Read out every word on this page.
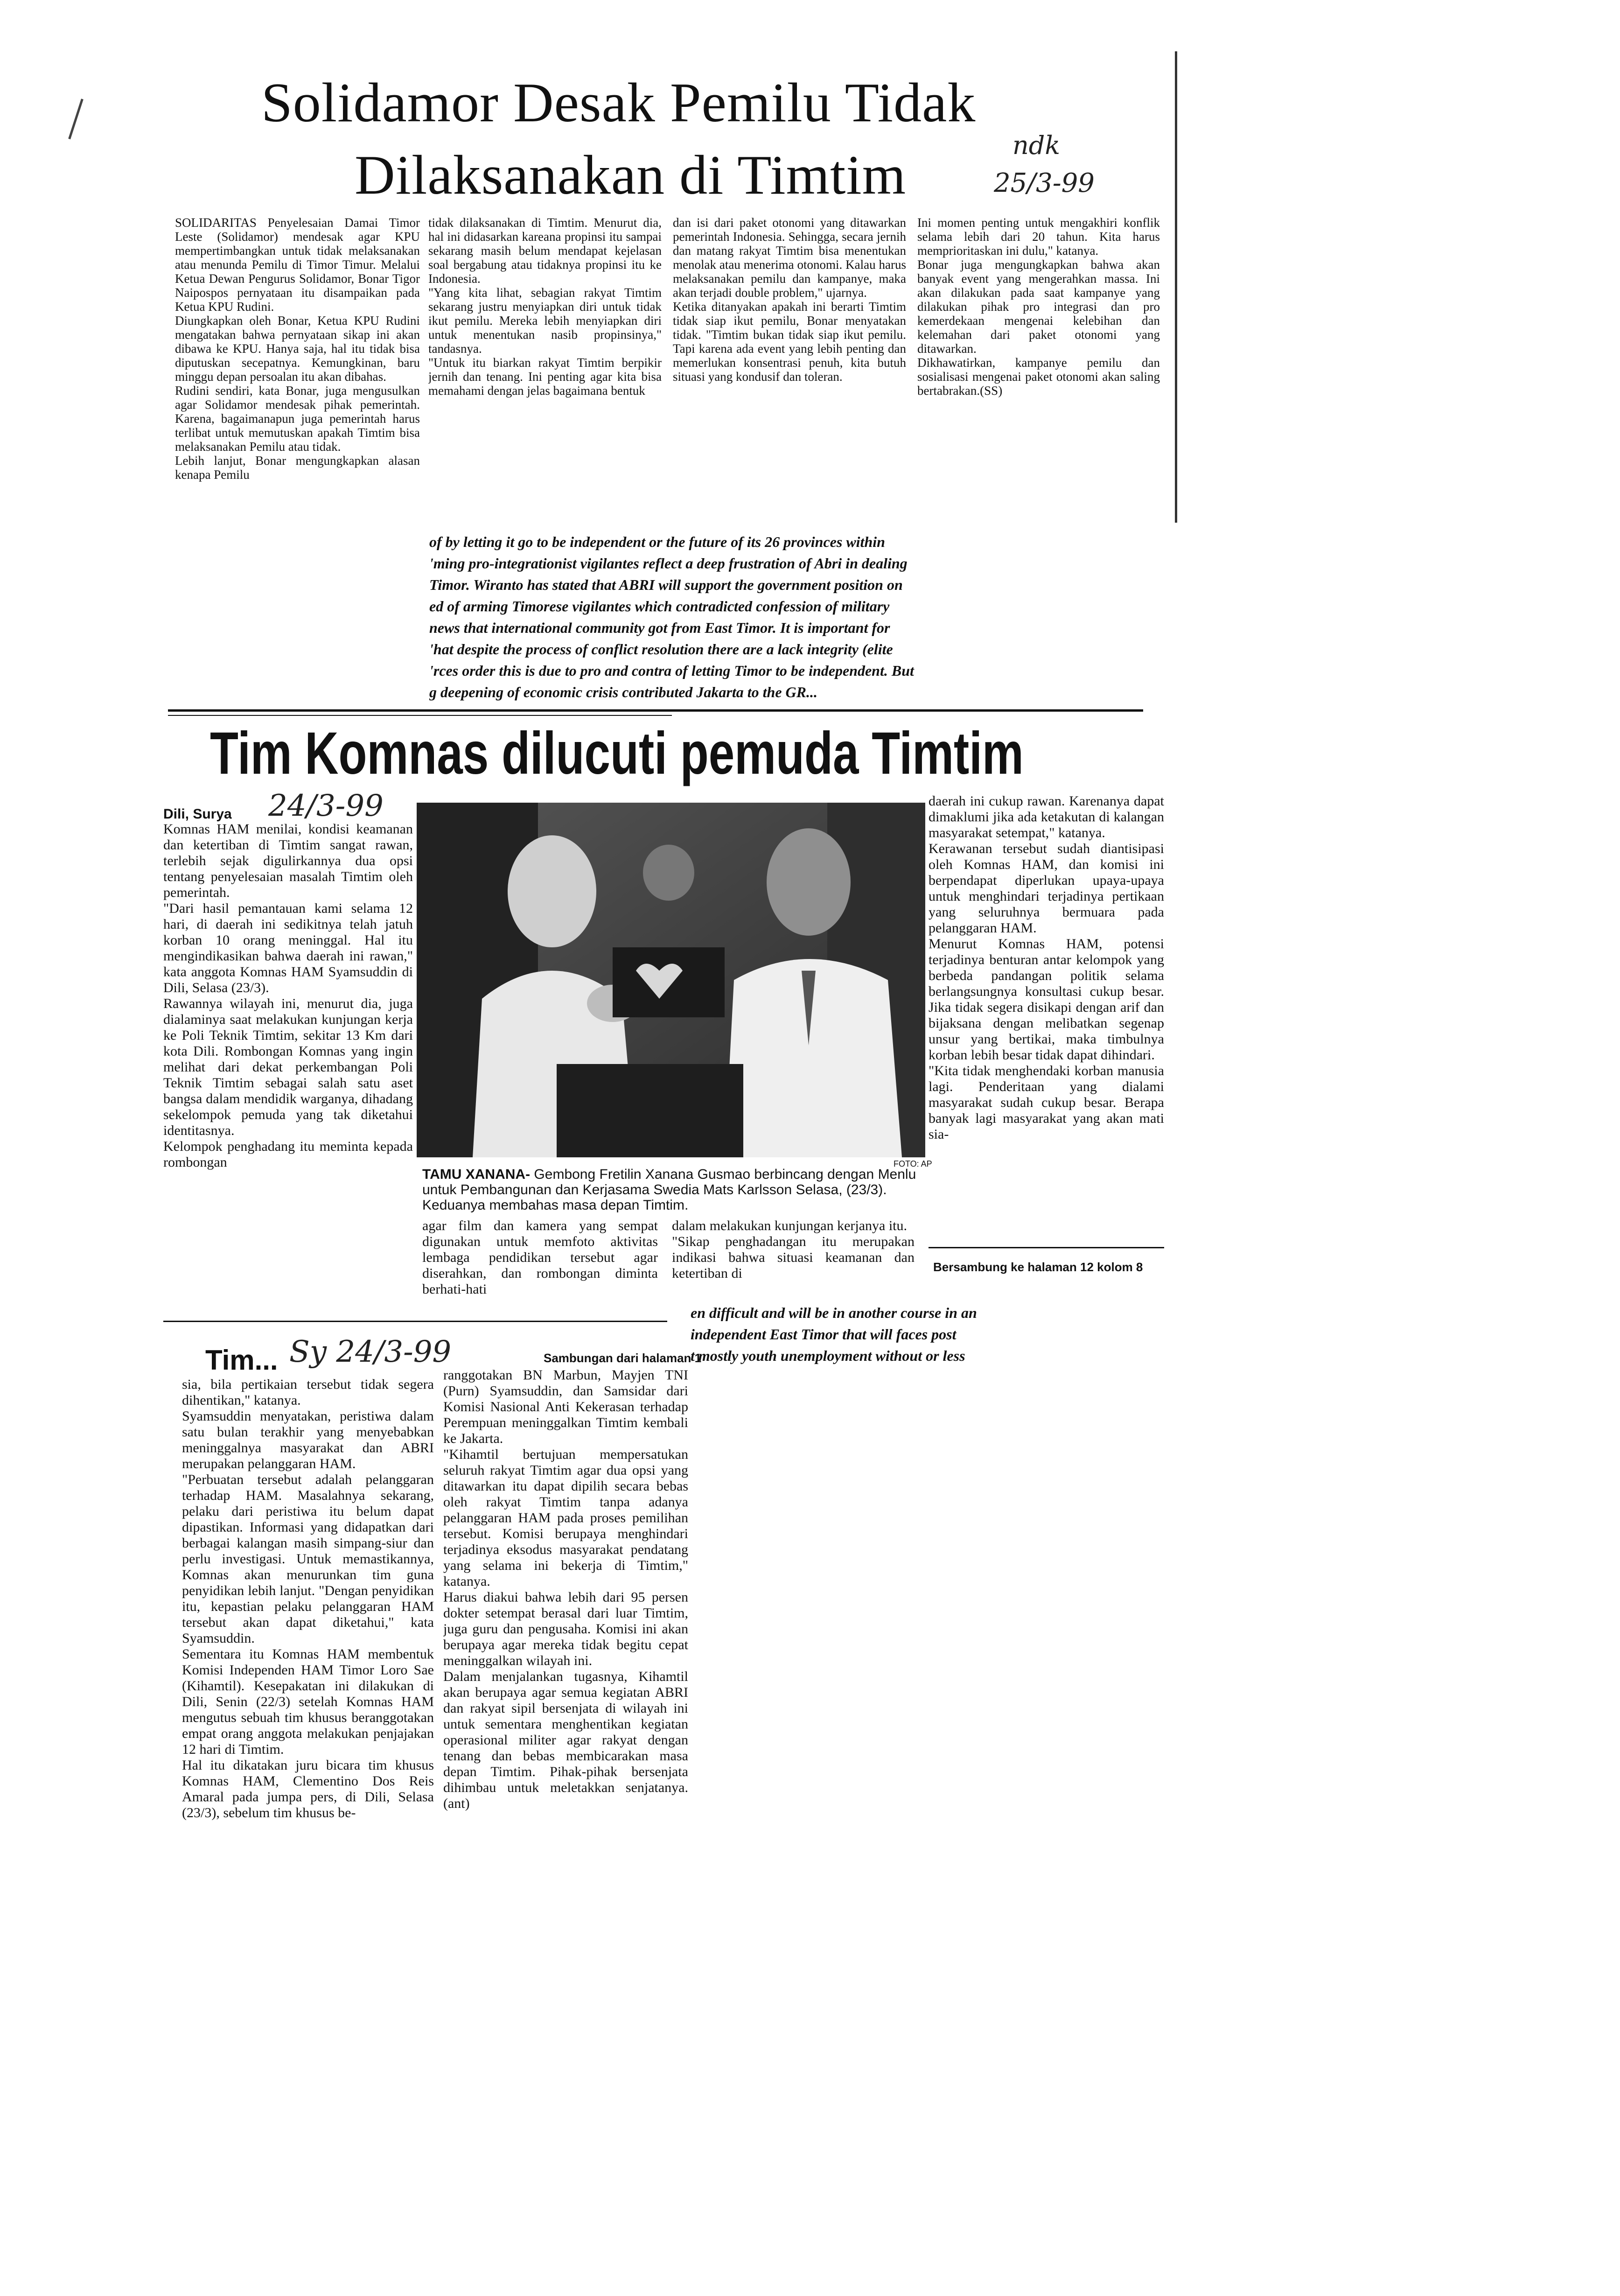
Solidamor Desak Pemilu Tidak
Dilaksanakan di Timtim	ndk
25/3-99
SOLIDARITAS Penyelesaian Damai Timor Leste (Solidamor) mendesak agar KPU mempertimbangkan untuk tidak melaksanakan atau menunda Pemilu di Timor Timur. Melalui Ketua Dewan Pengurus Solidamor, Bonar Tigor Naipospos pernyataan itu disampaikan pada Ketua KPU Rudini.
Diungkapkan oleh Bonar, Ketua KPU Rudini mengatakan bahwa pernyataan sikap ini akan dibawa ke KPU. Hanya saja, hal itu tidak bisa diputuskan secepatnya. Kemungkinan, baru minggu depan persoalan itu akan dibahas.
Rudini sendiri, kata Bonar, juga mengusulkan agar Solidamor mendesak pihak pemerintah. Karena, bagaimanapun juga pemerintah harus terlibat untuk memutuskan apakah Timtim bisa melaksanakan Pemilu atau tidak.
Lebih lanjut, Bonar mengungkapkan alasan kenapa Pemilu
tidak dilaksanakan di Timtim. Menurut dia, hal ini didasarkan kareana propinsi itu sampai sekarang masih belum mendapat kejelasan soal bergabung atau tidaknya propinsi itu ke Indonesia.
"Yang kita lihat, sebagian rakyat Timtim sekarang justru menyiapkan diri untuk tidak ikut pemilu. Mereka lebih menyiapkan diri untuk menentukan nasib propinsinya," tandasnya.
"Untuk itu biarkan rakyat Timtim berpikir jernih dan tenang. Ini penting agar kita bisa memahami dengan jelas bagaimana bentuk
dan isi dari paket otonomi yang ditawarkan pemerintah Indonesia. Sehingga, secara jernih dan matang rakyat Timtim bisa menentukan menolak atau menerima otonomi. Kalau harus melaksanakan pemilu dan kampanye, maka akan terjadi double problem," ujarnya.
Ketika ditanyakan apakah ini berarti Timtim tidak siap ikut pemilu, Bonar menyatakan tidak. "Timtim bukan tidak siap ikut pemilu. Tapi karena ada event yang lebih penting dan memerlukan konsentrasi penuh, kita butuh situasi yang kondusif dan toleran.
Ini momen penting untuk mengakhiri konflik selama lebih dari 20 tahun. Kita harus memprioritaskan ini dulu," katanya.
Bonar juga mengungkapkan bahwa akan banyak event yang mengerahkan massa. Ini akan dilakukan pada saat kampanye yang dilakukan pihak pro integrasi dan pro kemerdekaan mengenai kelebihan dan kelemahan dari paket otonomi yang ditawarkan.
Dikhawatirkan, kampanye pemilu dan sosialisasi mengenai paket otonomi akan saling bertabrakan.(SS)
of by letting it go to be independent or the future of its 26 provinces within
'ming pro-integrationist vigilantes reflect a deep frustration of Abri in dealing
Timor. Wiranto has stated that ABRI will support the government position on
ed of arming Timorese vigilantes which contradicted confession of military
news that international community got from East Timor. It is important for
'hat despite the process of conflict resolution there are a lack integrity (elite
'rces order this is due to pro and contra of letting Timor to be independent. But
g deepening of economic crisis contributed Jakarta to the GR...
Tim Komnas dilucuti pemuda Timtim
Dili, Surya 24/3-99
Komnas HAM menilai, kondisi keamanan dan ketertiban di Timtim sangat rawan, terlebih sejak digulirkannya dua opsi tentang penyelesaian masalah Timtim oleh pemerintah.
"Dari hasil pemantauan kami selama 12 hari, di daerah ini sedikitnya telah jatuh korban 10 orang meninggal. Hal itu mengindikasikan bahwa daerah ini rawan," kata anggota Komnas HAM Syamsuddin di Dili, Selasa (23/3).
Rawannya wilayah ini, menurut dia, juga dialaminya saat melakukan kunjungan kerja ke Poli Teknik Timtim, sekitar 13 Km dari kota Dili. Rombongan Komnas yang ingin melihat dari dekat perkembangan Poli Teknik Timtim sebagai salah satu aset bangsa dalam mendidik warganya, dihadang sekelompok pemuda yang tak diketahui identitasnya.
Kelompok penghadang itu meminta kepada rombongan	FOTO: AP
TAMU XANANA- Gembong Fretilin Xanana Gusmao berbincang dengan Menlu untuk Pembangunan dan Kerjasama Swedia Mats Karlsson Selasa, (23/3). Keduanya membahas masa depan Timtim.
agar film dan kamera yang sempat digunakan untuk memfoto aktivitas lembaga pendidikan tersebut agar diserahkan, dan rombongan diminta berhati-hati
dalam melakukan kunjungan kerjanya itu.
"Sikap penghadangan itu merupakan indikasi bahwa situasi keamanan dan ketertiban di
daerah ini cukup rawan. Karenanya dapat dimaklumi jika ada ketakutan di kalangan masyarakat setempat," katanya.
Kerawanan tersebut sudah diantisipasi oleh Komnas HAM, dan komisi ini berpendapat diperlukan upaya-upaya untuk menghindari terjadinya pertikaan yang seluruhnya bermuara pada pelanggaran HAM.
Menurut Komnas HAM, potensi terjadinya benturan antar kelompok yang berbeda pandangan politik selama berlangsungnya konsultasi cukup besar. Jika tidak segera disikapi dengan arif dan bijaksana dengan melibatkan segenap unsur yang bertikai, maka timbulnya korban lebih besar tidak dapat dihindari.
"Kita tidak menghendaki korban manusia lagi. Penderitaan yang dialami masyarakat sudah cukup besar. Berapa banyak lagi masyarakat yang akan mati sia-
Bersambung ke halaman 12 kolom 8
en difficult and will be in another course in an
independent East Timor that will faces post
t mostly youth unemployment without or less
Tim... Sy 24/3-99	Sambungan dari halaman 1
sia, bila pertikaian tersebut tidak segera dihentikan," katanya.
Syamsuddin menyatakan, peristiwa dalam satu bulan terakhir yang menyebabkan meninggalnya masyarakat dan ABRI merupakan pelanggaran HAM.
"Perbuatan tersebut adalah pelanggaran terhadap HAM. Masalahnya sekarang, pelaku dari peristiwa itu belum dapat dipastikan. Informasi yang didapatkan dari berbagai kalangan masih simpang-siur dan perlu investigasi. Untuk memastikannya, Komnas akan menurunkan tim guna penyidikan lebih lanjut. "Dengan penyidikan itu, kepastian pelaku pelanggaran HAM tersebut akan dapat diketahui," kata Syamsuddin.
Sementara itu Komnas HAM membentuk Komisi Independen HAM Timor Loro Sae (Kihamtil). Kesepakatan ini dilakukan di Dili, Senin (22/3) setelah Komnas HAM mengutus sebuah tim khusus beranggotakan empat orang anggota melakukan penjajakan 12 hari di Timtim.
Hal itu dikatakan juru bicara tim khusus Komnas HAM, Clementino Dos Reis Amaral pada jumpa pers, di Dili, Selasa (23/3), sebelum tim khusus be-
ranggotakan BN Marbun, Mayjen TNI (Purn) Syamsuddin, dan Samsidar dari Komisi Nasional Anti Kekerasan terhadap Perempuan meninggalkan Timtim kembali ke Jakarta.
"Kihamtil bertujuan mempersatukan seluruh rakyat Timtim agar dua opsi yang ditawarkan itu dapat dipilih secara bebas oleh rakyat Timtim tanpa adanya pelanggaran HAM pada proses pemilihan tersebut. Komisi berupaya menghindari terjadinya eksodus masyarakat pendatang yang selama ini bekerja di Timtim," katanya.
Harus diakui bahwa lebih dari 95 persen dokter setempat berasal dari luar Timtim, juga guru dan pengusaha. Komisi ini akan berupaya agar mereka tidak begitu cepat meninggalkan wilayah ini.
Dalam menjalankan tugasnya, Kihamtil akan berupaya agar semua kegiatan ABRI dan rakyat sipil bersenjata di wilayah ini untuk sementara menghentikan kegiatan operasional militer agar rakyat dengan tenang dan bebas membicarakan masa depan Timtim. Pihak-pihak bersenjata dihimbau untuk meletakkan senjatanya. (ant)
